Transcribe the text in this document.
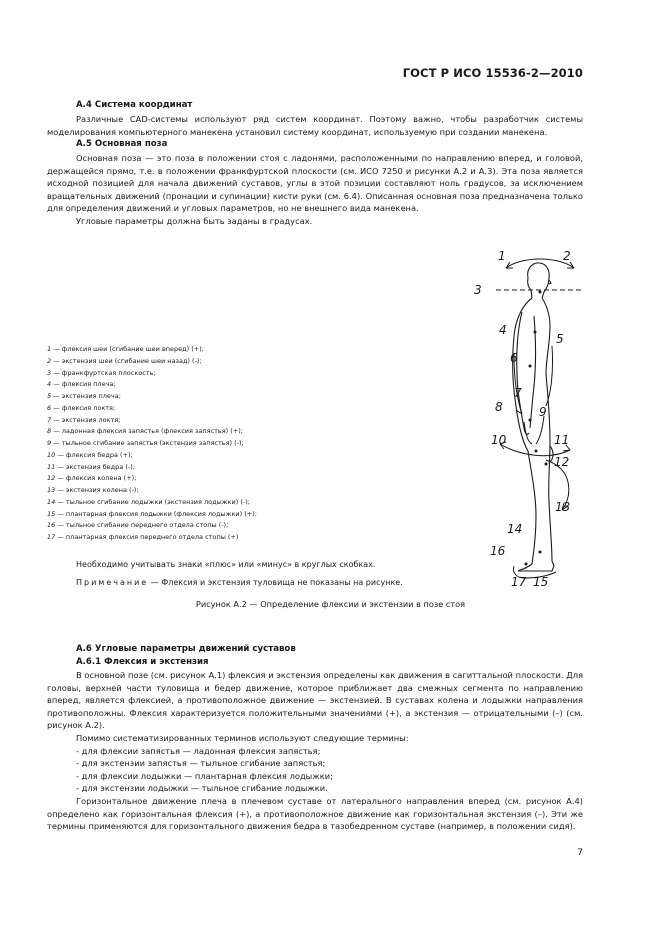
ГОСТ Р ИСО 15536-2—2010
А.4 Система координат

Различные САD-системы используют ряд систем координат. Поэтому важно, чтобы разработчик системы моделирования компьютерного манекена установил систему координат, используемую при создании манекена.

А.5 Основная поза

Основная поза — это поза в положении стоя с ладонями, расположенными по направлению вперед, и головой, держащейся прямо, т.е. в положении франкфуртской плоскости (см. ИСО 7250 и рисунки А.2 и А.3). Эта поза является исходной позицией для начала движений суставов, углы в этой позиции составляют ноль градусов, за исключением вращательных движений (пронации и супинации) кисти руки (см. 6.4). Описанная основная поза предназначена только для определения движений и угловых параметров, но не внешнего вида манекена.

Угловые параметры должна быть заданы в градусах.

1 — флексия шеи (сгибание шеи вперед) (+);
2 — экстензия шеи (сгибание шеи назад) (-);
3 — франкфуртская плоскость;
4 — флексия плеча;
5 — экстензия плеча;
6 — флексия локтя;
7 — экстензия локтя;
8 — ладонная флексия запястья (флексия запястья) (+);
9 — тыльное сгибание запястья (экстензия запястья) (-);
10 — флексия бедра (+);
11 — экстензия бедра (-);
12 — флексия колена (+);
13 — экстензия колена (-);
14 — тыльное сгибание лодыжки (экстензия лодыжки) (-);
15 — плантарная флексия лодыжки (флексия лодыжки) (+);
16 — тыльное сгибание переднего отдела стопы (-);
17 — плантарная флексия переднего отдела стопы (+)
1	2
3
4
5
6
7
8	9
10	11
12
13
14
16
17 15
Необходимо учитывать знаки «плюс» или «минус» в круглых скобках.
Примечание — Флексия и экстензия туловища не показаны на рисунке.
Рисунок А.2 — Определение флексии и экстензии в позе стоя
А.6 Угловые параметры движений суставов
А.6.1 Флексия и экстензия

В основной позе (см. рисунок А.1) флексия и экстензия определены как движения в сагиттальной плоскости. Для головы, верхней части туловища и бедер движение, которое приближает два смежных сегмента по направлению вперед, является флексией, а противоположное движение — экстензией. В суставах колена и лодыжки направления противоположны. Флексия характеризуется положительными значениями (+), а экстензия — отрицательными (–) (см. рисунок А.2).

Помимо систематизированных терминов используют следующие термины:

- для флексии запястья — ладонная флексия запястья;

- для экстензии запястья — тыльное сгибание запястья;

- для флексии лодыжки — плантарная флексия лодыжки;

- для экстензии лодыжки — тыльное сгибание лодыжки.

Горизонтальное движение плеча в плечевом суставе от латерального направления вперед (см. рисунок А.4) определено как горизонтальная флексия (+), а противоположное движение как горизонтальная экстензия (–). Эти же термины применяются для горизонтального движения бедра в тазобедренном суставе (например, в положении сидя).

7
